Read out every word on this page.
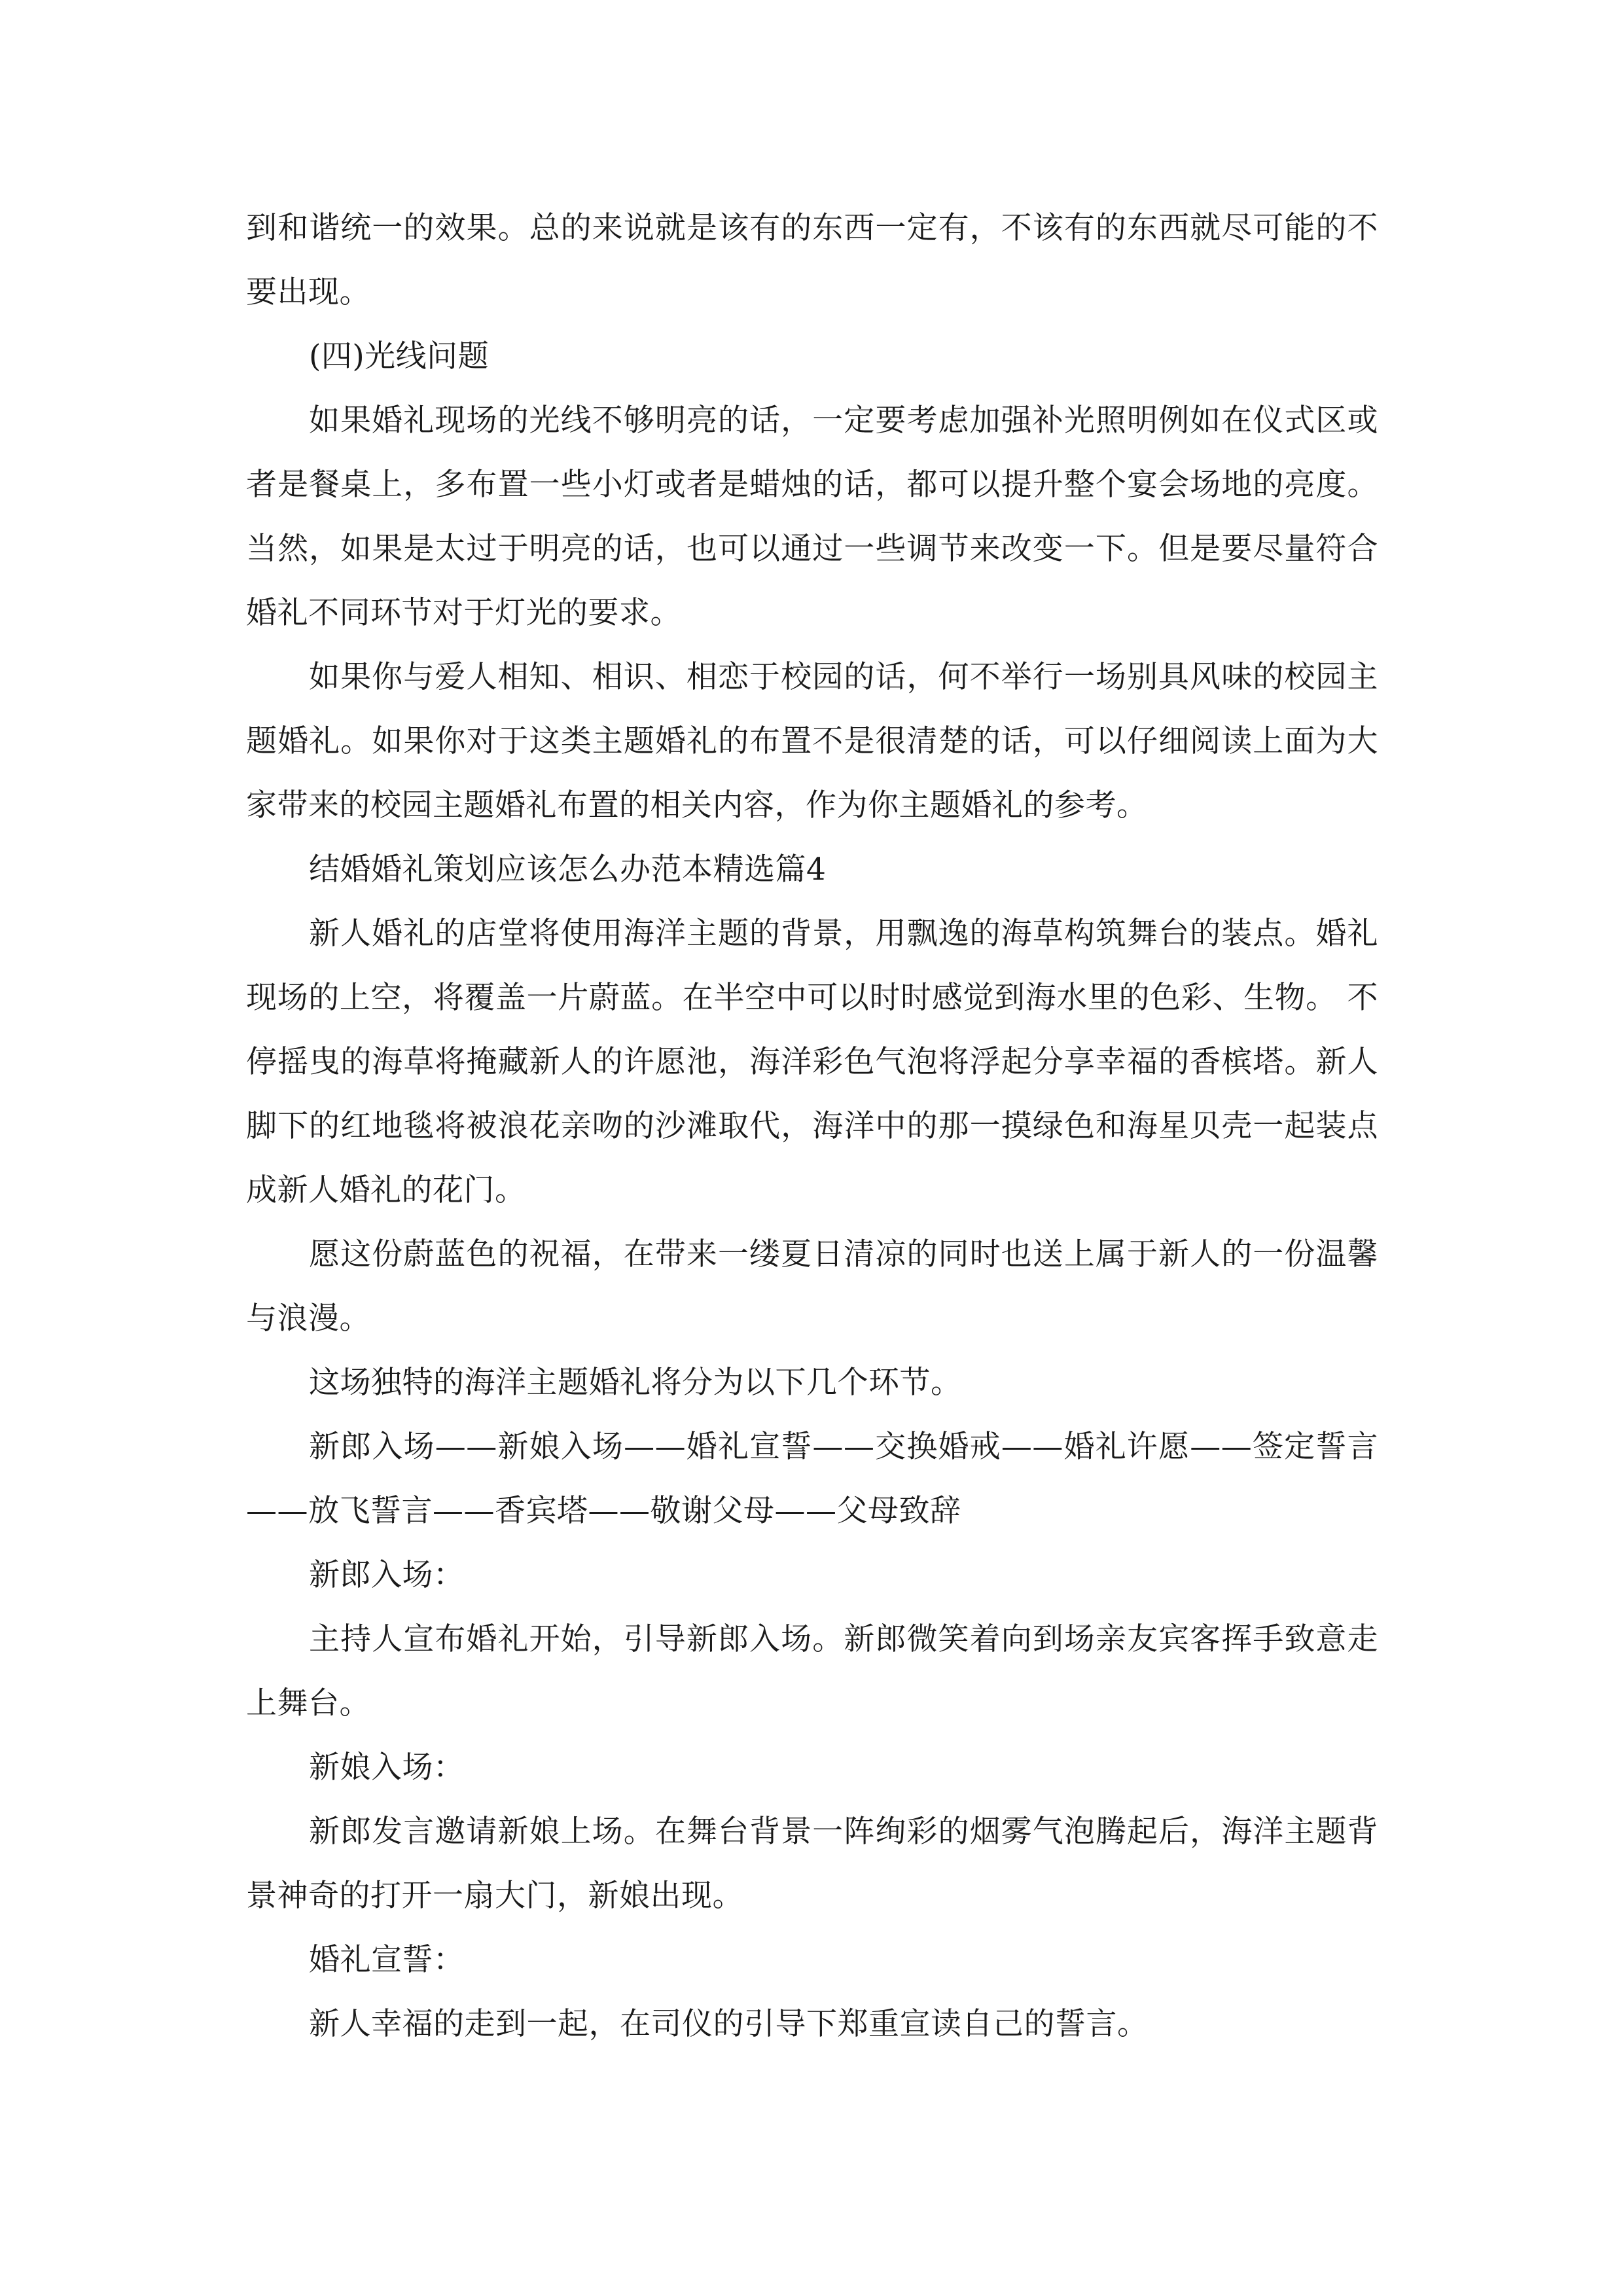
到和谐统一的效果。总的来说就是该有的东西一定有，不该有的东西就尽可能的不要出现。

(四)光线问题

如果婚礼现场的光线不够明亮的话，一定要考虑加强补光照明例如在仪式区或者是餐桌上，多布置一些小灯或者是蜡烛的话，都可以提升整个宴会场地的亮度。当然，如果是太过于明亮的话，也可以通过一些调节来改变一下。但是要尽量符合婚礼不同环节对于灯光的要求。

如果你与爱人相知、相识、相恋于校园的话，何不举行一场别具风味的校园主题婚礼。如果你对于这类主题婚礼的布置不是很清楚的话，可以仔细阅读上面为大家带来的校园主题婚礼布置的相关内容，作为你主题婚礼的参考。

结婚婚礼策划应该怎么办范本精选篇4

新人婚礼的店堂将使用海洋主题的背景，用飘逸的海草构筑舞台的装点。婚礼现场的上空，将覆盖一片蔚蓝。在半空中可以时时感觉到海水里的色彩、生物。 不停摇曳的海草将掩藏新人的许愿池，海洋彩色气泡将浮起分享幸福的香槟塔。新人脚下的红地毯将被浪花亲吻的沙滩取代，海洋中的那一摸绿色和海星贝壳一起装点成新人婚礼的花门。

愿这份蔚蓝色的祝福，在带来一缕夏日清凉的同时也送上属于新人的一份温馨与浪漫。

这场独特的海洋主题婚礼将分为以下几个环节。

新郎入场——新娘入场——婚礼宣誓——交换婚戒——婚礼许愿——签定誓言 ——放飞誓言——香宾塔——敬谢父母——父母致辞

新郎入场：

主持人宣布婚礼开始，引导新郎入场。新郎微笑着向到场亲友宾客挥手致意走上舞台。

新娘入场：

新郎发言邀请新娘上场。在舞台背景一阵绚彩的烟雾气泡腾起后，海洋主题背景神奇的打开一扇大门，新娘出现。

婚礼宣誓：

新人幸福的走到一起，在司仪的引导下郑重宣读自己的誓言。
